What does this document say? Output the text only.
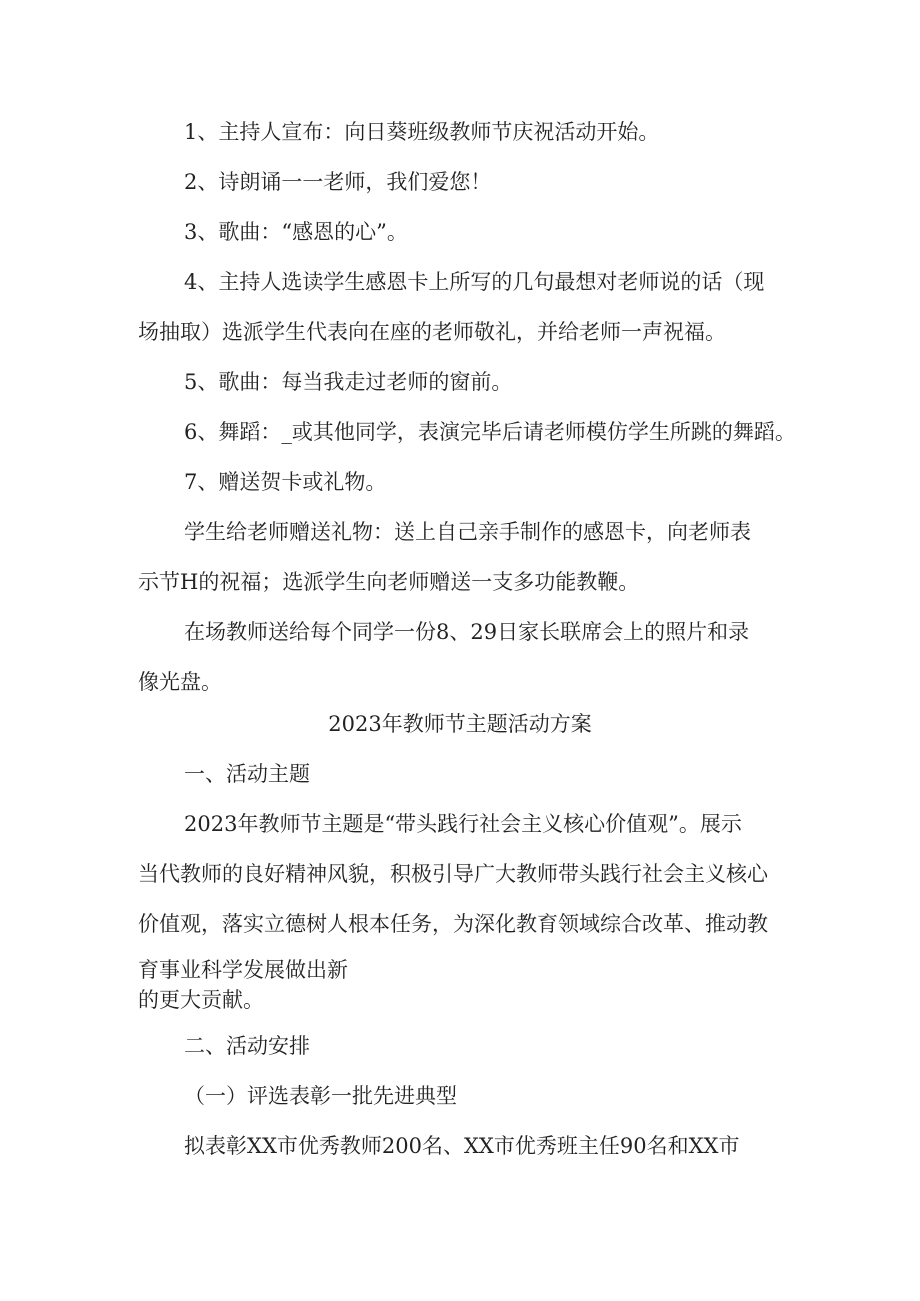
1、主持人宣布：向日葵班级教师节庆祝活动开始。
2、诗朗诵一一老师，我们爱您！
3、歌曲：“感恩的心”。
4、主持人选读学生感恩卡上所写的几句最想对老师说的话（现
场抽取）选派学生代表向在座的老师敬礼，并给老师一声祝福。
5、歌曲：每当我走过老师的窗前。
6、舞蹈：_或其他同学，表演完毕后请老师模仿学生所跳的舞蹈。
7、赠送贺卡或礼物。
学生给老师赠送礼物：送上自己亲手制作的感恩卡，向老师表
示节H的祝福；选派学生向老师赠送一支多功能教鞭。
在场教师送给每个同学一份8、29日家长联席会上的照片和录
像光盘。
2023年教师节主题活动方案
一、活动主题
2023年教师节主题是“带头践行社会主义核心价值观”。展示
当代教师的良好精神风貌，积极引导广大教师带头践行社会主义核心
价值观，落实立德树人根本任务，为深化教育领域综合改革、推动教
育事业科学发展做出新
的更大贡献。
二、活动安排
（一）评选表彰一批先进典型
拟表彰XX市优秀教师200名、XX市优秀班主任90名和XX市
